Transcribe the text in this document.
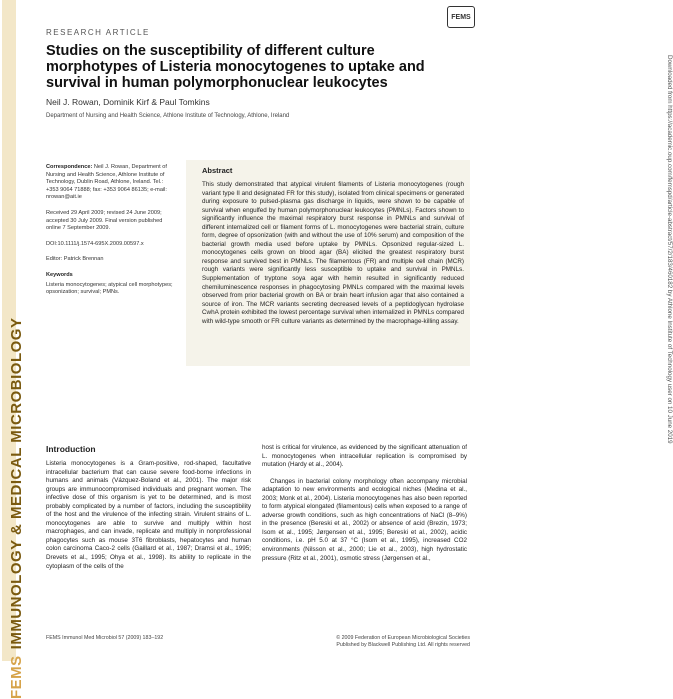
FEMSIMMUNOLOGY & MEDICAL MICROBIOLOGY
Downloaded from https://academic.oup.com/femspd/article-abstract/57/2/183/460182 by Athlone Institute of Technology user on 10 June 2019
FEMS
RESEARCH ARTICLE
Studies on the susceptibility of different culture morphotypes of Listeria monocytogenes to uptake and survival in human polymorphonuclear leukocytes
Neil J. Rowan, Dominik Kirf & Paul Tomkins
Department of Nursing and Health Science, Athlone Institute of Technology, Athlone, Ireland

Correspondence: Neil J. Rowan, Department of Nursing and Health Science, Athlone Institute of Technology, Dublin Road, Athlone, Ireland. Tel.: +353 9064 71888; fax: +353 9064 86135; e-mail: nrowan@ait.ie

Received 29 April 2009; revised 24 June 2009; accepted 30 July 2009. Final version published online 7 September 2009.

DOI:10.1111/j.1574-695X.2009.00597.x

Editor: Patrick Brennan

Keywords

Listeria monocytogenes; atypical cell morphotypes; opsonization; survival; PMNs.

Abstract
This study demonstrated that atypical virulent filaments of Listeria monocytogenes (rough variant type II and designated FR for this study), isolated from clinical specimens or generated during exposure to pulsed-plasma gas discharge in liquids, were shown to be capable of survival when engulfed by human polymorphonuclear leukocytes (PMNLs). Factors shown to significantly influence the maximal respiratory burst response in PMNLs and survival of different internalized cell or filament forms of L. monocytogenes were bacterial strain, culture form, degree of opsonization (with and without the use of 10% serum) and composition of the bacterial growth media used before uptake by PMNLs. Opsonized regular-sized L. monocytogenes cells grown on blood agar (BA) elicited the greatest respiratory burst response and survived best in PMNLs. The filamentous (FR) and multiple cell chain (MCR) rough variants were significantly less susceptible to uptake and survival in PMNLs. Supplementation of tryptone soya agar with hemin resulted in significantly reduced chemiluminescence responses in phagocytosing PMNLs compared with the maximal levels observed from prior bacterial growth on BA or brain heart infusion agar that also contained a source of iron. The MCR variants secreting decreased levels of a peptidoglycan hydrolase CwhA protein exhibited the lowest percentage survival when internalized in PMNLs compared with wild-type smooth or FR culture variants as determined by the macrophage-killing assay.
Introduction
Listeria monocytogenes is a Gram-positive, rod-shaped, facultative intracellular bacterium that can cause severe food-borne infections in humans and animals (Vázquez-Boland et al., 2001). The major risk groups are immunocompromised individuals and pregnant women. The infective dose of this organism is yet to be determined, and is most probably complicated by a number of factors, including the susceptibility of the host and the virulence of the infecting strain. Virulent strains of L. monocytogenes are able to survive and multiply within host macrophages, and can invade, replicate and multiply in nonprofessional phagocytes such as mouse 3T6 fibroblasts, hepatocytes and human colon carcinoma Caco-2 cells (Gaillard et al., 1987; Dramsi et al., 1995; Drevets et al., 1995; Ohya et al., 1998). Its ability to replicate in the cytoplasm of the cells of the

host is critical for virulence, as evidenced by the significant attenuation of L. monocytogenes when intracellular replication is compromised by mutation (Hardy et al., 2004).

Changes in bacterial colony morphology often accompany microbial adaptation to new environments and ecological niches (Medina et al., 2003; Monk et al., 2004). Listeria monocytogenes has also been reported to form atypical elongated (filamentous) cells when exposed to a range of adverse growth conditions, such as high concentrations of NaCl (8–9%) in the presence (Bereski et al., 2002) or absence of acid (Brezin, 1973; Isom et al., 1995; Jørgensen et al., 1995; Bereski et al., 2002), acidic conditions, i.e. pH 5.0 at 37 °C (Isom et al., 1995), increased CO2 environments (Nilsson et al., 2000; Lie et al., 2003), high hydrostatic pressure (Ritz et al., 2001), osmotic stress (Jørgensen et al.,

FEMS Immunol Med Microbiol 57 (2009) 183–192	© 2009 Federation of European Microbiological Societies Published by Blackwell Publishing Ltd. All rights reserved
